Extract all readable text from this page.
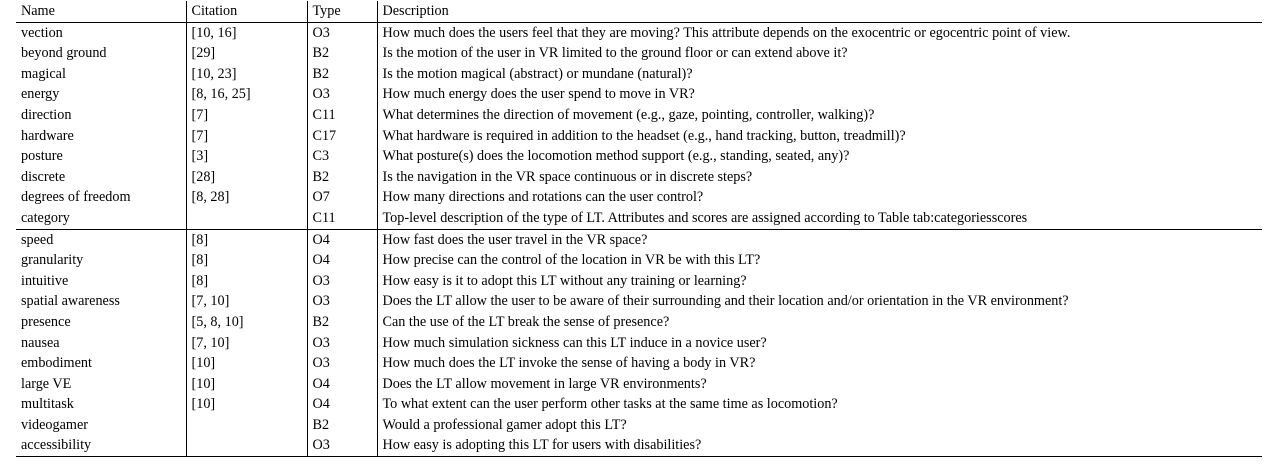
Name	Citation	Type	Description
vection	[10, 16]	O3	How much does the users feel that they are moving? This attribute depends on the exocentric or egocentric point of view.
beyond ground	[29]	B2	Is the motion of the user in VR limited to the ground floor or can extend above it?
magical	[10, 23]	B2	Is the motion magical (abstract) or mundane (natural)?
energy	[8, 16, 25]	O3	How much energy does the user spend to move in VR?
direction	[7]	C11	What determines the direction of movement (e.g., gaze, pointing, controller, walking)?
hardware	[7]	C17	What hardware is required in addition to the headset (e.g., hand tracking, button, treadmill)?
posture	[3]	C3	What posture(s) does the locomotion method support (e.g., standing, seated, any)?
discrete	[28]	B2	Is the navigation in the VR space continuous or in discrete steps?
degrees of freedom	[8, 28]	O7	How many directions and rotations can the user control?
category		C11	Top-level description of the type of LT. Attributes and scores are assigned according to Table tab:categoriesscores
speed	[8]	O4	How fast does the user travel in the VR space?
granularity	[8]	O4	How precise can the control of the location in VR be with this LT?
intuitive	[8]	O3	How easy is it to adopt this LT without any training or learning?
spatial awareness	[7, 10]	O3	Does the LT allow the user to be aware of their surrounding and their location and/or orientation in the VR environment?
presence	[5, 8, 10]	B2	Can the use of the LT break the sense of presence?
nausea	[7, 10]	O3	How much simulation sickness can this LT induce in a novice user?
embodiment	[10]	O3	How much does the LT invoke the sense of having a body in VR?
large VE	[10]	O4	Does the LT allow movement in large VR environments?
multitask	[10]	O4	To what extent can the user perform other tasks at the same time as locomotion?
videogamer		B2	Would a professional gamer adopt this LT?
accessibility		O3	How easy is adopting this LT for users with disabilities?
